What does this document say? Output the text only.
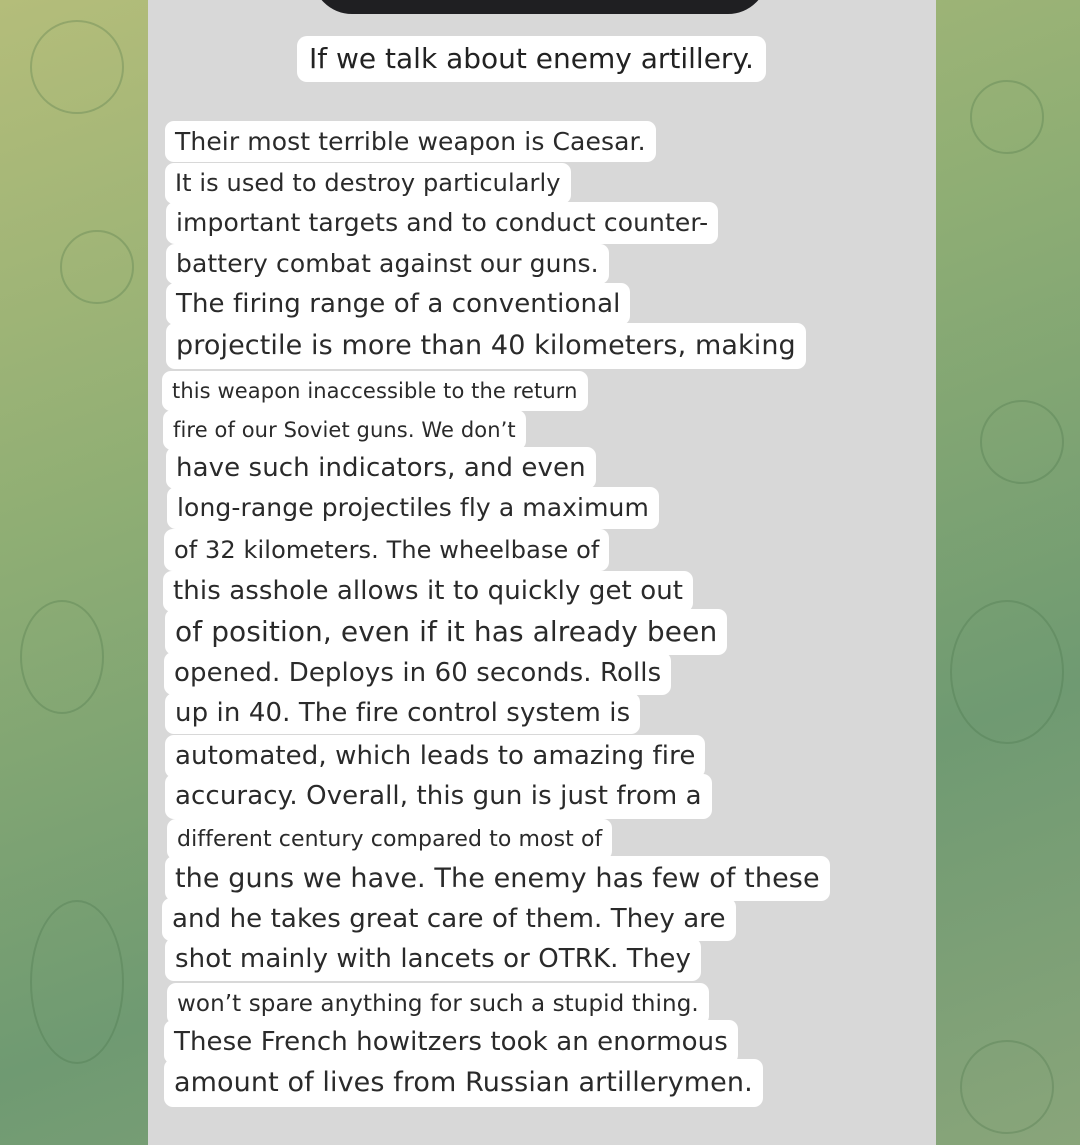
If we talk about enemy artillery.
Their most terrible weapon is Caesar.
It is used to destroy particularly
important targets and to conduct counter-
battery combat against our guns.
The firing range of a conventional
projectile is more than 40 kilometers, making
this weapon inaccessible to the return
fire of our Soviet guns. We don’t
have such indicators, and even
long-range projectiles fly a maximum
of 32 kilometers. The wheelbase of
this asshole allows it to quickly get out
of position, even if it has already been
opened. Deploys in 60 seconds. Rolls
up in 40. The fire control system is
automated, which leads to amazing fire
accuracy. Overall, this gun is just from a
different century compared to most of
the guns we have. The enemy has few of these
and he takes great care of them. They are
shot mainly with lancets or OTRK. They
won’t spare anything for such a stupid thing.
These French howitzers took an enormous
amount of lives from Russian artillerymen.
